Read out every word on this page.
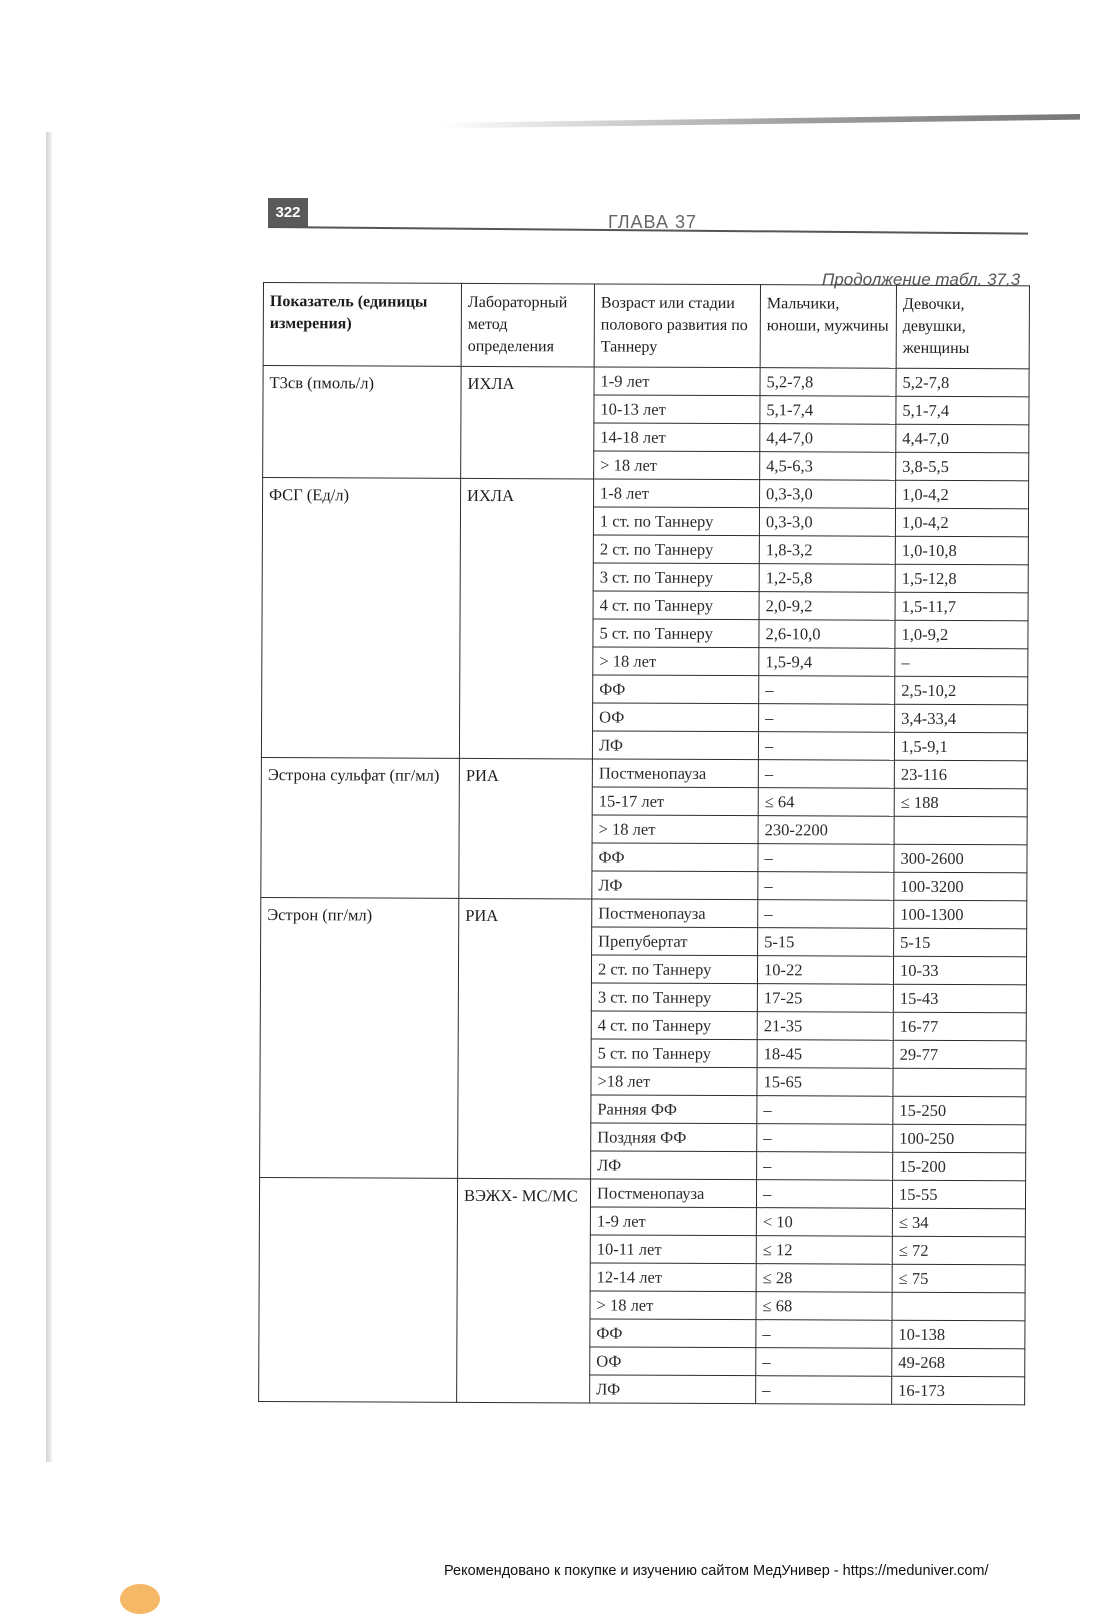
322	ГЛАВА 37
Продолжение табл. 37.3
Показатель (единицы измерения)	Лабораторный метод определения	Возраст или стадии полового развития по Таннеру	Мальчики, юноши, мужчины	Девочки, девушки, женщины
T3св (пмоль/л)	ИХЛА	1-9 лет	5,2-7,8	5,2-7,8
		10-13 лет	5,1-7,4	5,1-7,4
		14-18 лет	4,4-7,0	4,4-7,0
		> 18 лет	4,5-6,3	3,8-5,5
ФСГ (Ед/л)	ИХЛА	1-8 лет	0,3-3,0	1,0-4,2
		1 ст. по Таннеру	0,3-3,0	1,0-4,2
		2 ст. по Таннеру	1,8-3,2	1,0-10,8
		3 ст. по Таннеру	1,2-5,8	1,5-12,8
		4 ст. по Таннеру	2,0-9,2	1,5-11,7
		5 ст. по Таннеру	2,6-10,0	1,0-9,2
		> 18 лет	1,5-9,4	–
		ФФ	–	2,5-10,2
		ОФ	–	3,4-33,4
		ЛФ	–	1,5-9,1
Эстрона сульфат (пг/мл)	РИА	Постменопауза	–	23-116
		15-17 лет	≤ 64	≤ 188
		> 18 лет	230-2200	
		ФФ	–	300-2600
		ЛФ	–	100-3200
Эстрон (пг/мл)	РИА	Постменопауза	–	100-1300
		Препубертат	5-15	5-15
		2 ст. по Таннеру	10-22	10-33
		3 ст. по Таннеру	17-25	15-43
		4 ст. по Таннеру	21-35	16-77
		5 ст. по Таннеру	18-45	29-77
		>18 лет	15-65	
		Ранняя ФФ	–	15-250
		Поздняя ФФ	–	100-250
		ЛФ	–	15-200
	ВЭЖХ- МС/МС	Постменопауза	–	15-55
		1-9 лет	< 10	≤ 34
		10-11 лет	≤ 12	≤ 72
		12-14 лет	≤ 28	≤ 75
		> 18 лет	≤ 68	
		ФФ	–	10-138
		ОФ	–	49-268
		ЛФ	–	16-173
Рекомендовано к покупке и изучению сайтом МедУнивер - https://meduniver.com/
